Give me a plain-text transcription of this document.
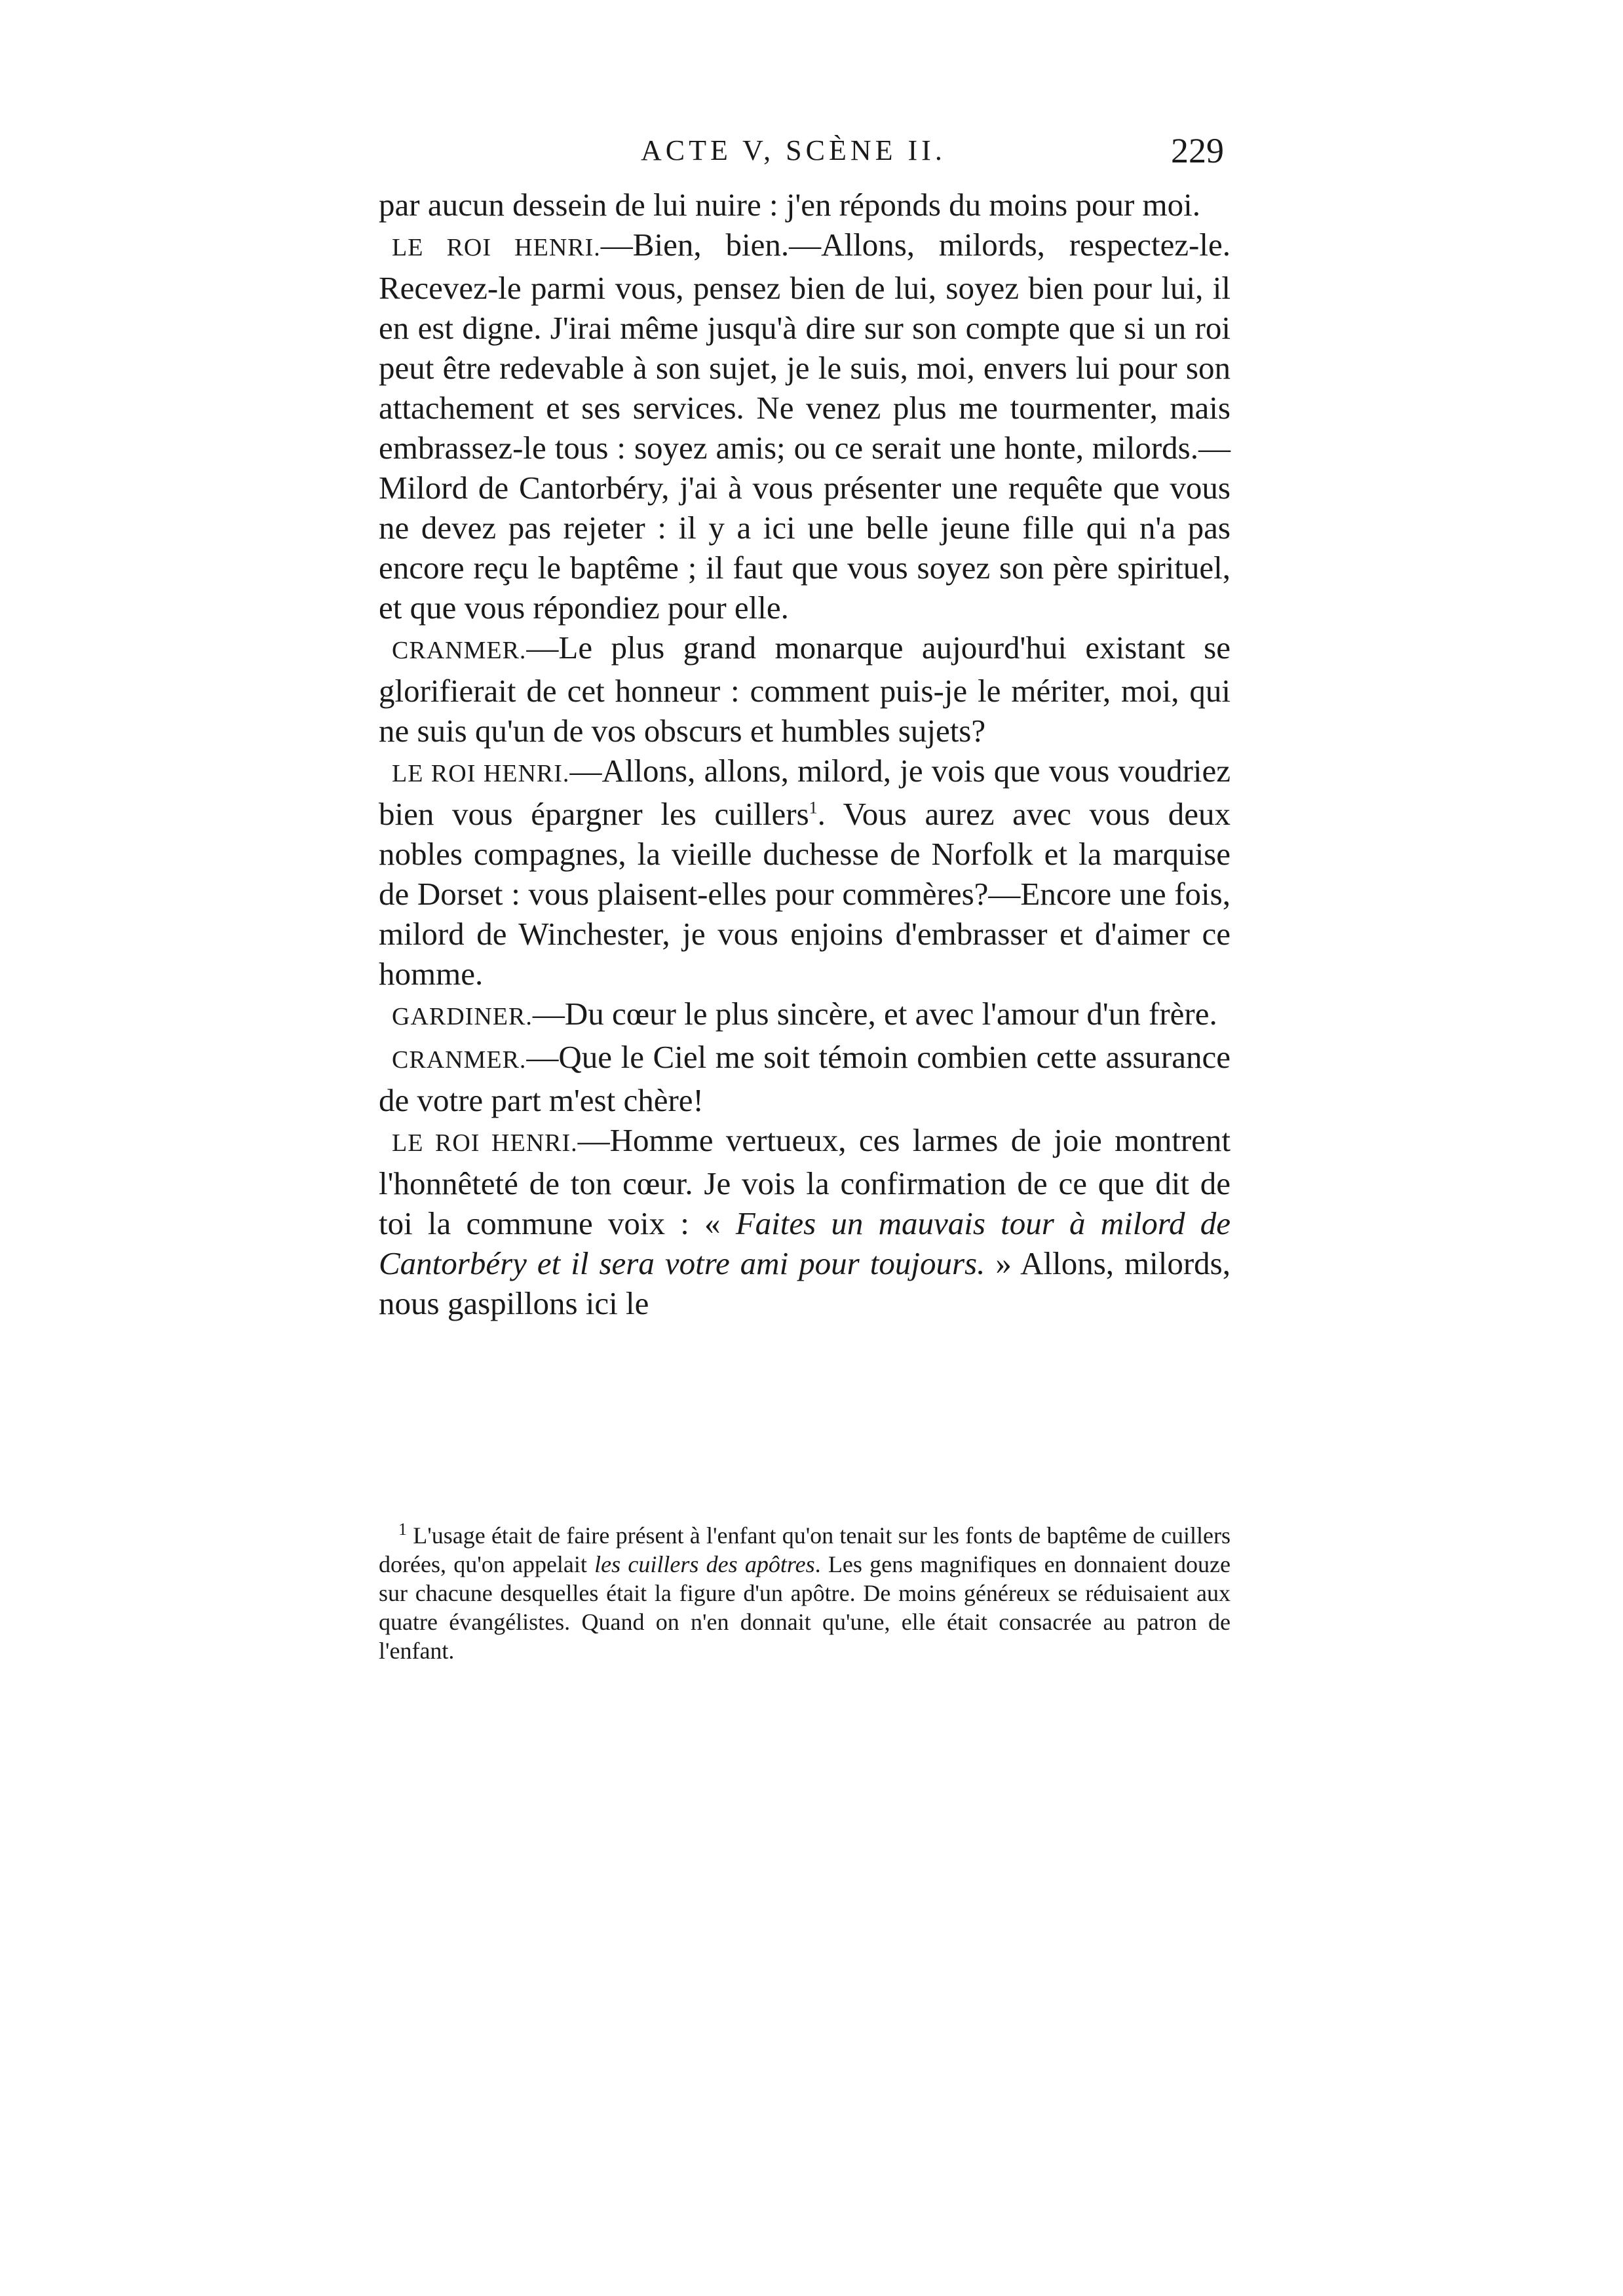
ACTE V, SCÈNE II.	229

par aucun dessein de lui nuire : j'en réponds du moins pour moi.

LE ROI HENRI.—Bien, bien.—Allons, milords, respectez-le. Recevez-le parmi vous, pensez bien de lui, soyez bien pour lui, il en est digne. J'irai même jusqu'à dire sur son compte que si un roi peut être redevable à son sujet, je le suis, moi, envers lui pour son attachement et ses services. Ne venez plus me tourmenter, mais embrassez-le tous : soyez amis; ou ce serait une honte, milords.—Milord de Cantorbéry, j'ai à vous présenter une requête que vous ne devez pas rejeter : il y a ici une belle jeune fille qui n'a pas encore reçu le baptême ; il faut que vous soyez son père spirituel, et que vous répondiez pour elle.

CRANMER.—Le plus grand monarque aujourd'hui existant se glorifierait de cet honneur : comment puis-je le mériter, moi, qui ne suis qu'un de vos obscurs et humbles sujets?

LE ROI HENRI.—Allons, allons, milord, je vois que vous voudriez bien vous épargner les cuillers$^1$. Vous aurez avec vous deux nobles compagnes, la vieille duchesse de Norfolk et la marquise de Dorset : vous plaisent-elles pour commères?—Encore une fois, milord de Winchester, je vous enjoins d'embrasser et d'aimer ce homme.

GARDINER.—Du cœur le plus sincère, et avec l'amour d'un frère.

CRANMER.—Que le Ciel me soit témoin combien cette assurance de votre part m'est chère!

LE ROI HENRI.—Homme vertueux, ces larmes de joie montrent l'honnêteté de ton cœur. Je vois la confirmation de ce que dit de toi la commune voix : « Faites un mauvais tour à milord de Cantorbéry et il sera votre ami pour toujours. » Allons, milords, nous gaspillons ici le

$^1$ L'usage était de faire présent à l'enfant qu'on tenait sur les fonts de baptême de cuillers dorées, qu'on appelait les cuillers des apôtres. Les gens magnifiques en donnaient douze sur chacune desquelles était la figure d'un apôtre. De moins généreux se réduisaient aux quatre évangélistes. Quand on n'en donnait qu'une, elle était consacrée au patron de l'enfant.
